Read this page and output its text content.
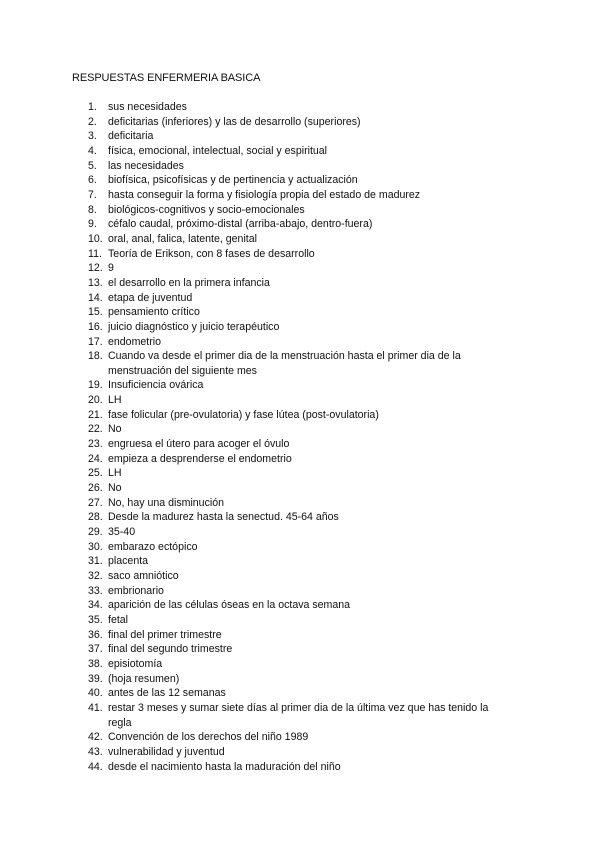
RESPUESTAS ENFERMERIA BASICA
1. sus necesidades
2. deficitarias (inferiores) y las de desarrollo (superiores)
3. deficitaria
4. física, emocional, intelectual, social y espiritual
5. las necesidades
6. biofísica, psicofísicas y de pertinencia y actualización
7. hasta conseguir la forma y fisiología propia del estado de madurez
8. biológicos-cognitivos y socio-emocionales
9. céfalo caudal, próximo-distal (arriba-abajo, dentro-fuera)
10. oral, anal, falica, latente, genital
11. Teoría de Erikson, con 8 fases de desarrollo
12. 9
13. el desarrollo en la primera infancia
14. etapa de juventud
15. pensamiento crítico
16. juicio diagnóstico y juicio terapéutico
17. endometrio
18. Cuando va desde el primer dia de la menstruación hasta el primer dia de la menstruación del siguiente mes
19. Insuficiencia ovárica
20. LH
21. fase folicular (pre-ovulatoria) y fase lútea (post-ovulatoria)
22. No
23. engruesa el útero para acoger el óvulo
24. empieza a desprenderse el endometrio
25. LH
26. No
27. No, hay una disminución
28. Desde la madurez hasta la senectud. 45-64 años
29. 35-40
30. embarazo ectópico
31. placenta
32. saco amniótico
33. embrionario
34. aparición de las células óseas en la octava semana
35. fetal
36. final del primer trimestre
37. final del segundo trimestre
38. episiotomía
39. (hoja resumen)
40. antes de las 12 semanas
41. restar 3 meses y sumar siete días al primer dia de la última vez que has tenido la regla
42. Convención de los derechos del niño 1989
43. vulnerabilidad y juventud
44. desde el nacimiento hasta la maduración del niño
